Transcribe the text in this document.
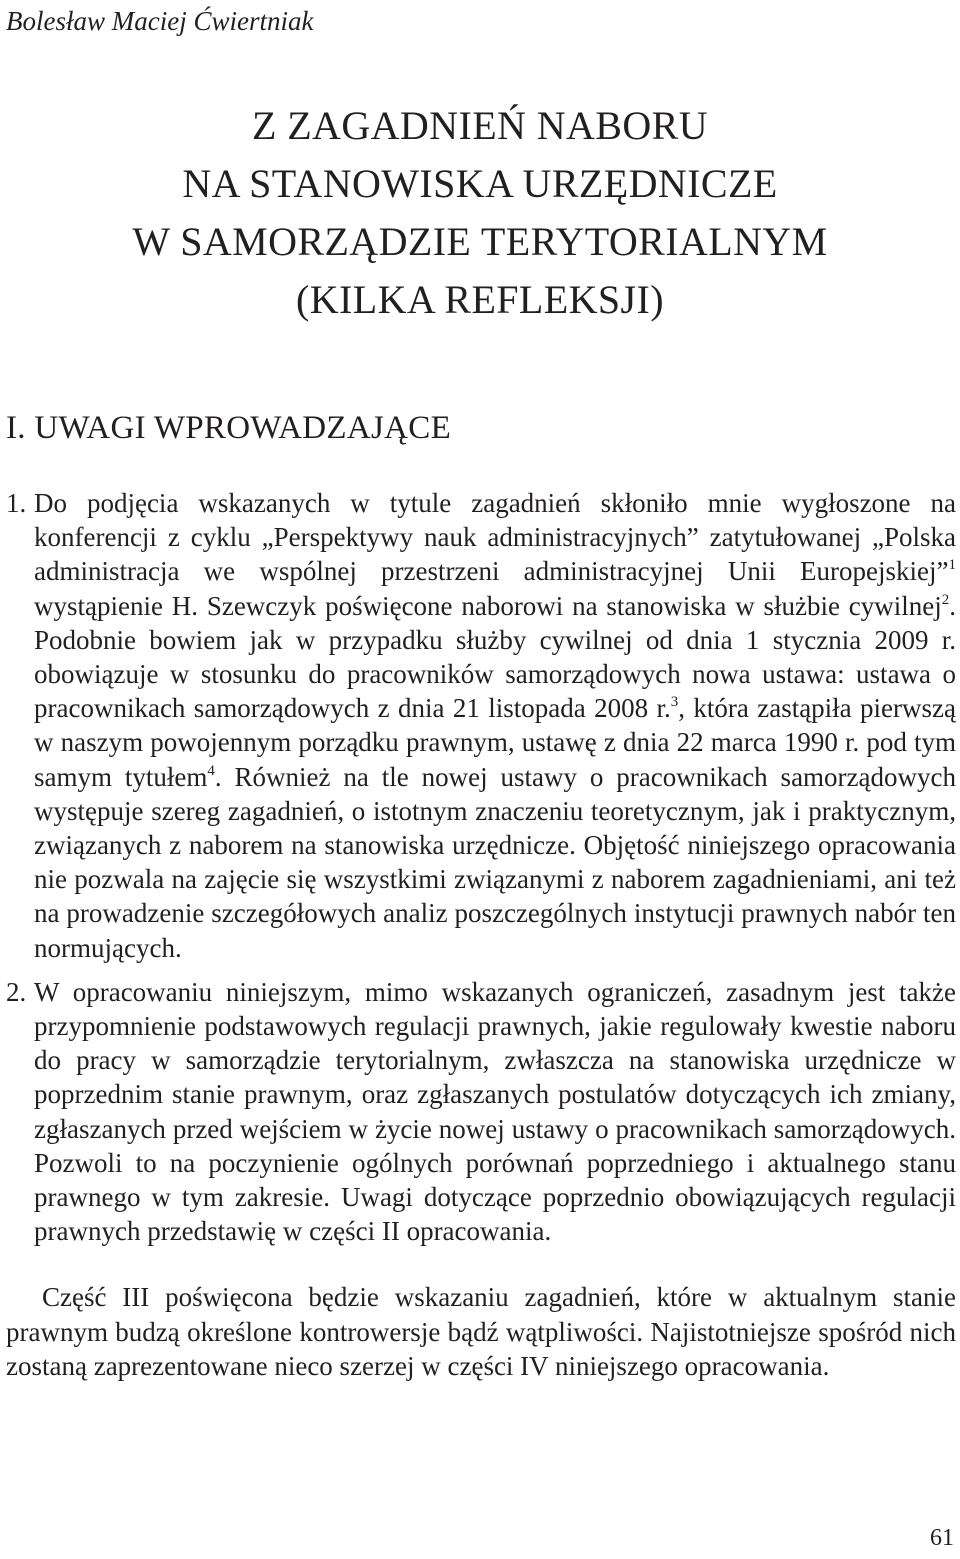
Bolesław Maciej Ćwiertniak
Z ZAGADNIEŃ NABORU
NA STANOWISKA URZĘDNICZE
W SAMORZĄDZIE TERYTORIALNYM
(KILKA REFLEKSJI)
I. UWAGI WPROWADZAJĄCE

1. Do podjęcia wskazanych w tytule zagadnień skłoniło mnie wygłoszone na konferencji z cyklu „Perspektywy nauk administracyjnych” zatytułowanej „Polska administracja we wspólnej przestrzeni administracyjnej Unii Europejskiej”$^1$ wystąpienie H. Szewczyk poświęcone naborowi na stanowiska w służbie cywilnej$^2$. Podobnie bowiem jak w przypadku służby cywilnej od dnia 1 stycznia 2009 r. obowiązuje w stosunku do pracowników samorządowych nowa ustawa: ustawa o pracownikach samorządowych z dnia 21 listopada 2008 r.$^3$, która zastąpiła pierwszą w naszym powojennym porządku prawnym, ustawę z dnia 22 marca 1990 r. pod tym samym tytułem$^4$. Również na tle nowej ustawy o pracownikach samorządowych występuje szereg zagadnień, o istotnym znaczeniu teoretycznym, jak i praktycznym, związanych z naborem na stanowiska urzędnicze. Objętość niniejszego opracowania nie pozwala na zajęcie się wszystkimi związanymi z naborem zagadnieniami, ani też na prowadzenie szczegółowych analiz poszczególnych instytucji prawnych nabór ten normujących.

2. W opracowaniu niniejszym, mimo wskazanych ograniczeń, zasadnym jest także przypomnienie podstawowych regulacji prawnych, jakie regulowały kwestie naboru do pracy w samorządzie terytorialnym, zwłaszcza na stanowiska urzędnicze w poprzednim stanie prawnym, oraz zgłaszanych postulatów dotyczących ich zmiany, zgłaszanych przed wejściem w życie nowej ustawy o pracownikach samorządowych. Pozwoli to na poczynienie ogólnych porównań poprzedniego i aktualnego stanu prawnego w tym zakresie. Uwagi dotyczące poprzednio obowiązujących regulacji prawnych przedstawię w części II opracowania.

Część III poświęcona będzie wskazaniu zagadnień, które w aktualnym stanie prawnym budzą określone kontrowersje bądź wątpliwości. Najistotniejsze spośród nich zostaną zaprezentowane nieco szerzej w części IV niniejszego opracowania.

61
